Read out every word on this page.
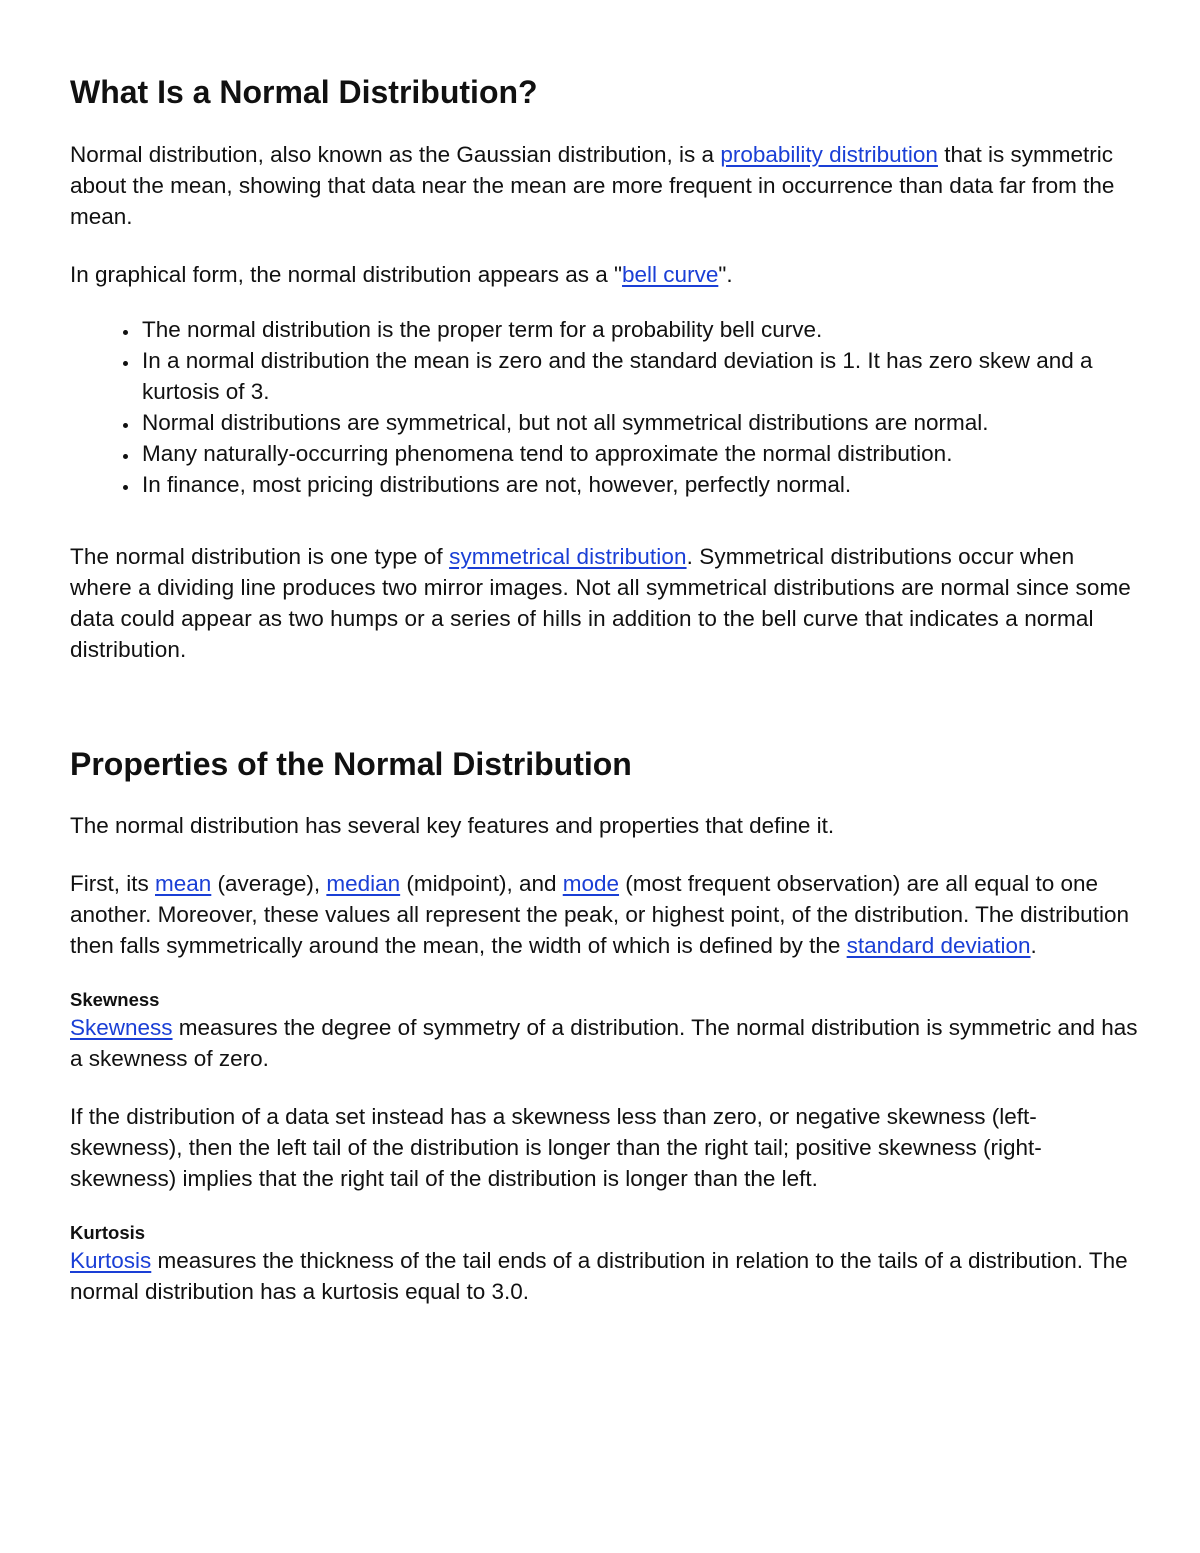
What Is a Normal Distribution?

Normal distribution, also known as the Gaussian distribution, is a probability distribution that is symmetric about the mean, showing that data near the mean are more frequent in occurrence than data far from the mean.

In graphical form, the normal distribution appears as a "bell curve".

• The normal distribution is the proper term for a probability bell curve.
• In a normal distribution the mean is zero and the standard deviation is 1. It has zero skew and a kurtosis of 3.
• Normal distributions are symmetrical, but not all symmetrical distributions are normal.
• Many naturally-occurring phenomena tend to approximate the normal distribution.
• In finance, most pricing distributions are not, however, perfectly normal.

The normal distribution is one type of symmetrical distribution. Symmetrical distributions occur when where a dividing line produces two mirror images. Not all symmetrical distributions are normal since some data could appear as two humps or a series of hills in addition to the bell curve that indicates a normal distribution.

Properties of the Normal Distribution

The normal distribution has several key features and properties that define it.

First, its mean (average), median (midpoint), and mode (most frequent observation) are all equal to one another. Moreover, these values all represent the peak, or highest point, of the distribution. The distribution then falls symmetrically around the mean, the width of which is defined by the standard deviation.

Skewness

Skewness measures the degree of symmetry of a distribution. The normal distribution is symmetric and has a skewness of zero.

If the distribution of a data set instead has a skewness less than zero, or negative skewness (left-skewness), then the left tail of the distribution is longer than the right tail; positive skewness (right-skewness) implies that the right tail of the distribution is longer than the left.

Kurtosis

Kurtosis measures the thickness of the tail ends of a distribution in relation to the tails of a distribution. The normal distribution has a kurtosis equal to 3.0.
